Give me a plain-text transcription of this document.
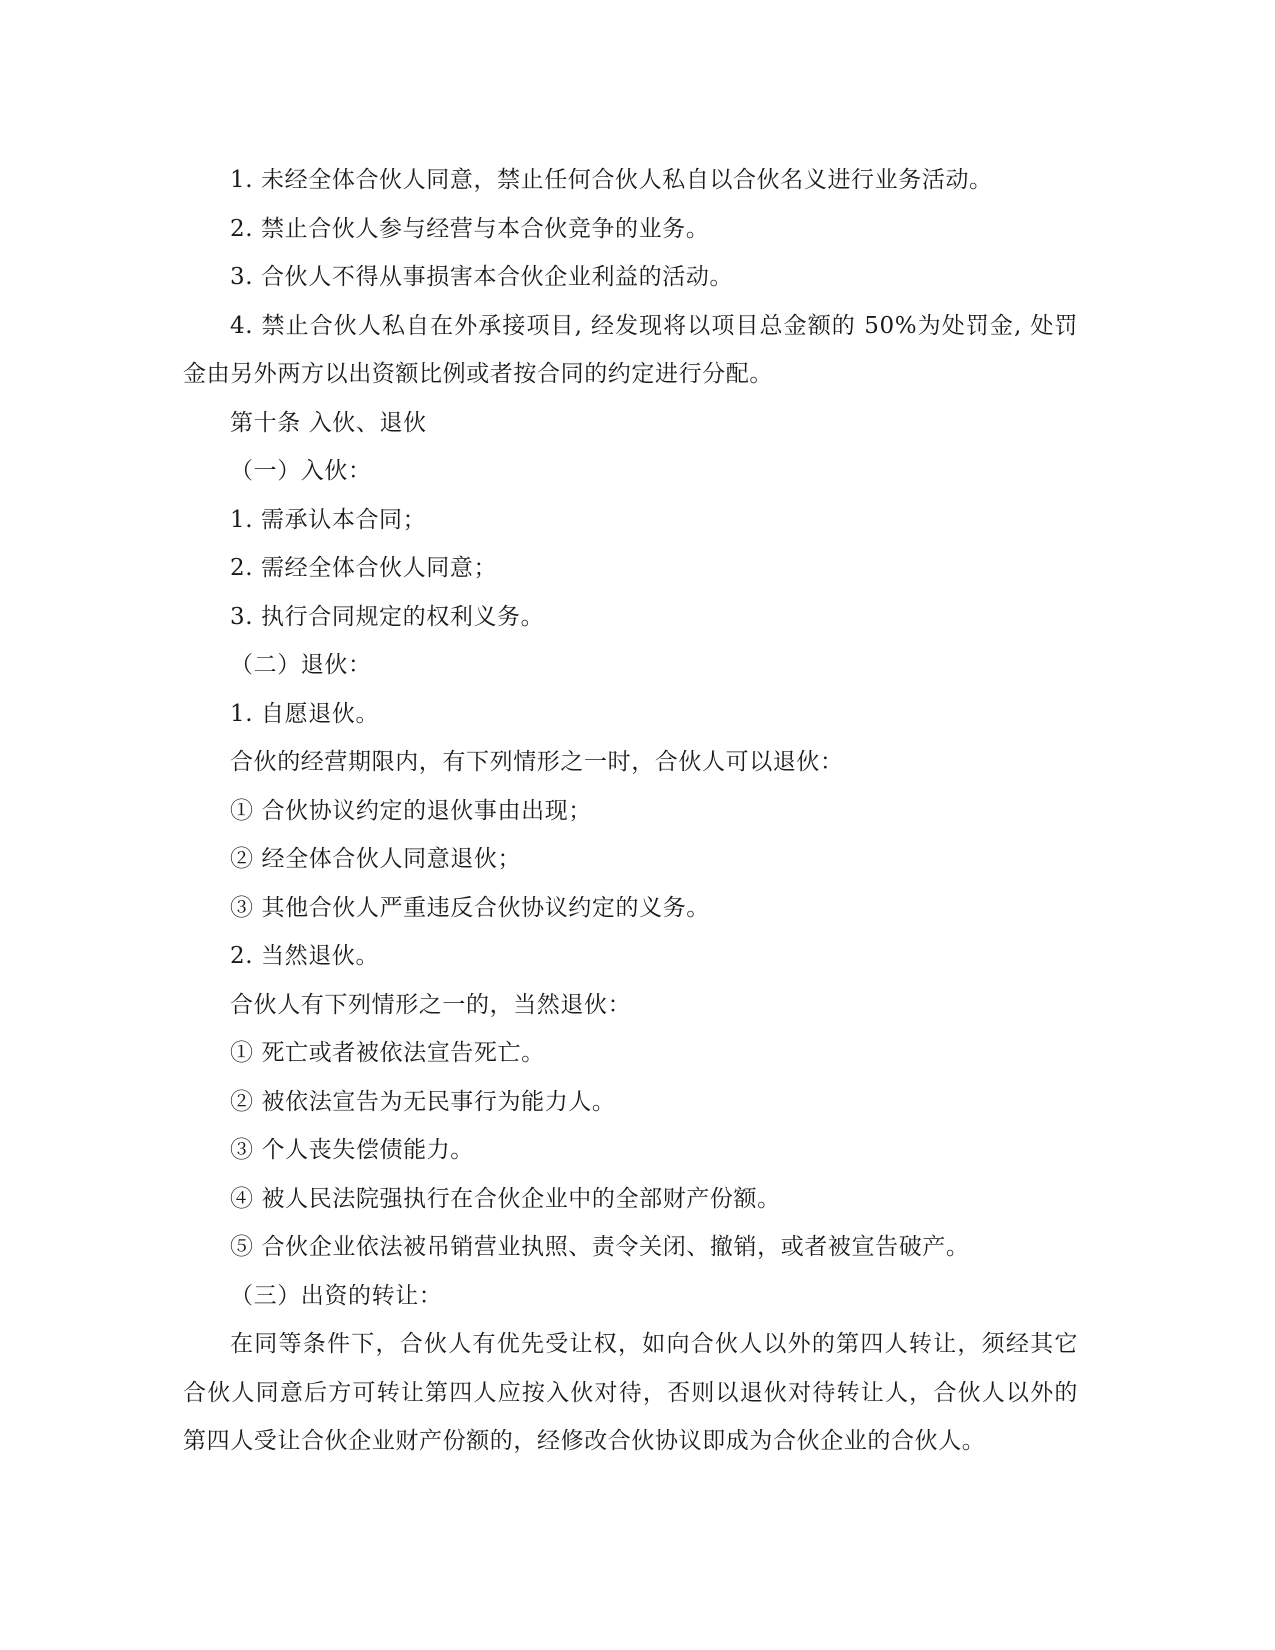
1. 未经全体合伙人同意，禁止任何合伙人私自以合伙名义进行业务活动。

2. 禁止合伙人参与经营与本合伙竞争的业务。

3. 合伙人不得从事损害本合伙企业利益的活动。

4. 禁止合伙人私自在外承接项目, 经发现将以项目总金额的 50%为处罚金, 处罚金由另外两方以出资额比例或者按合同的约定进行分配。

第十条 入伙、退伙

（一）入伙：

1. 需承认本合同；

2. 需经全体合伙人同意；

3. 执行合同规定的权利义务。

（二）退伙：

1. 自愿退伙。

合伙的经营期限内，有下列情形之一时，合伙人可以退伙：

① 合伙协议约定的退伙事由出现；

② 经全体合伙人同意退伙；

③ 其他合伙人严重违反合伙协议约定的义务。

2. 当然退伙。

合伙人有下列情形之一的，当然退伙：

① 死亡或者被依法宣告死亡。

② 被依法宣告为无民事行为能力人。

③ 个人丧失偿债能力。

④ 被人民法院强执行在合伙企业中的全部财产份额。

⑤ 合伙企业依法被吊销营业执照、责令关闭、撤销，或者被宣告破产。

（三）出资的转让：

在同等条件下，合伙人有优先受让权，如向合伙人以外的第四人转让，须经其它合伙人同意后方可转让第四人应按入伙对待，否则以退伙对待转让人，合伙人以外的第四人受让合伙企业财产份额的，经修改合伙协议即成为合伙企业的合伙人。
